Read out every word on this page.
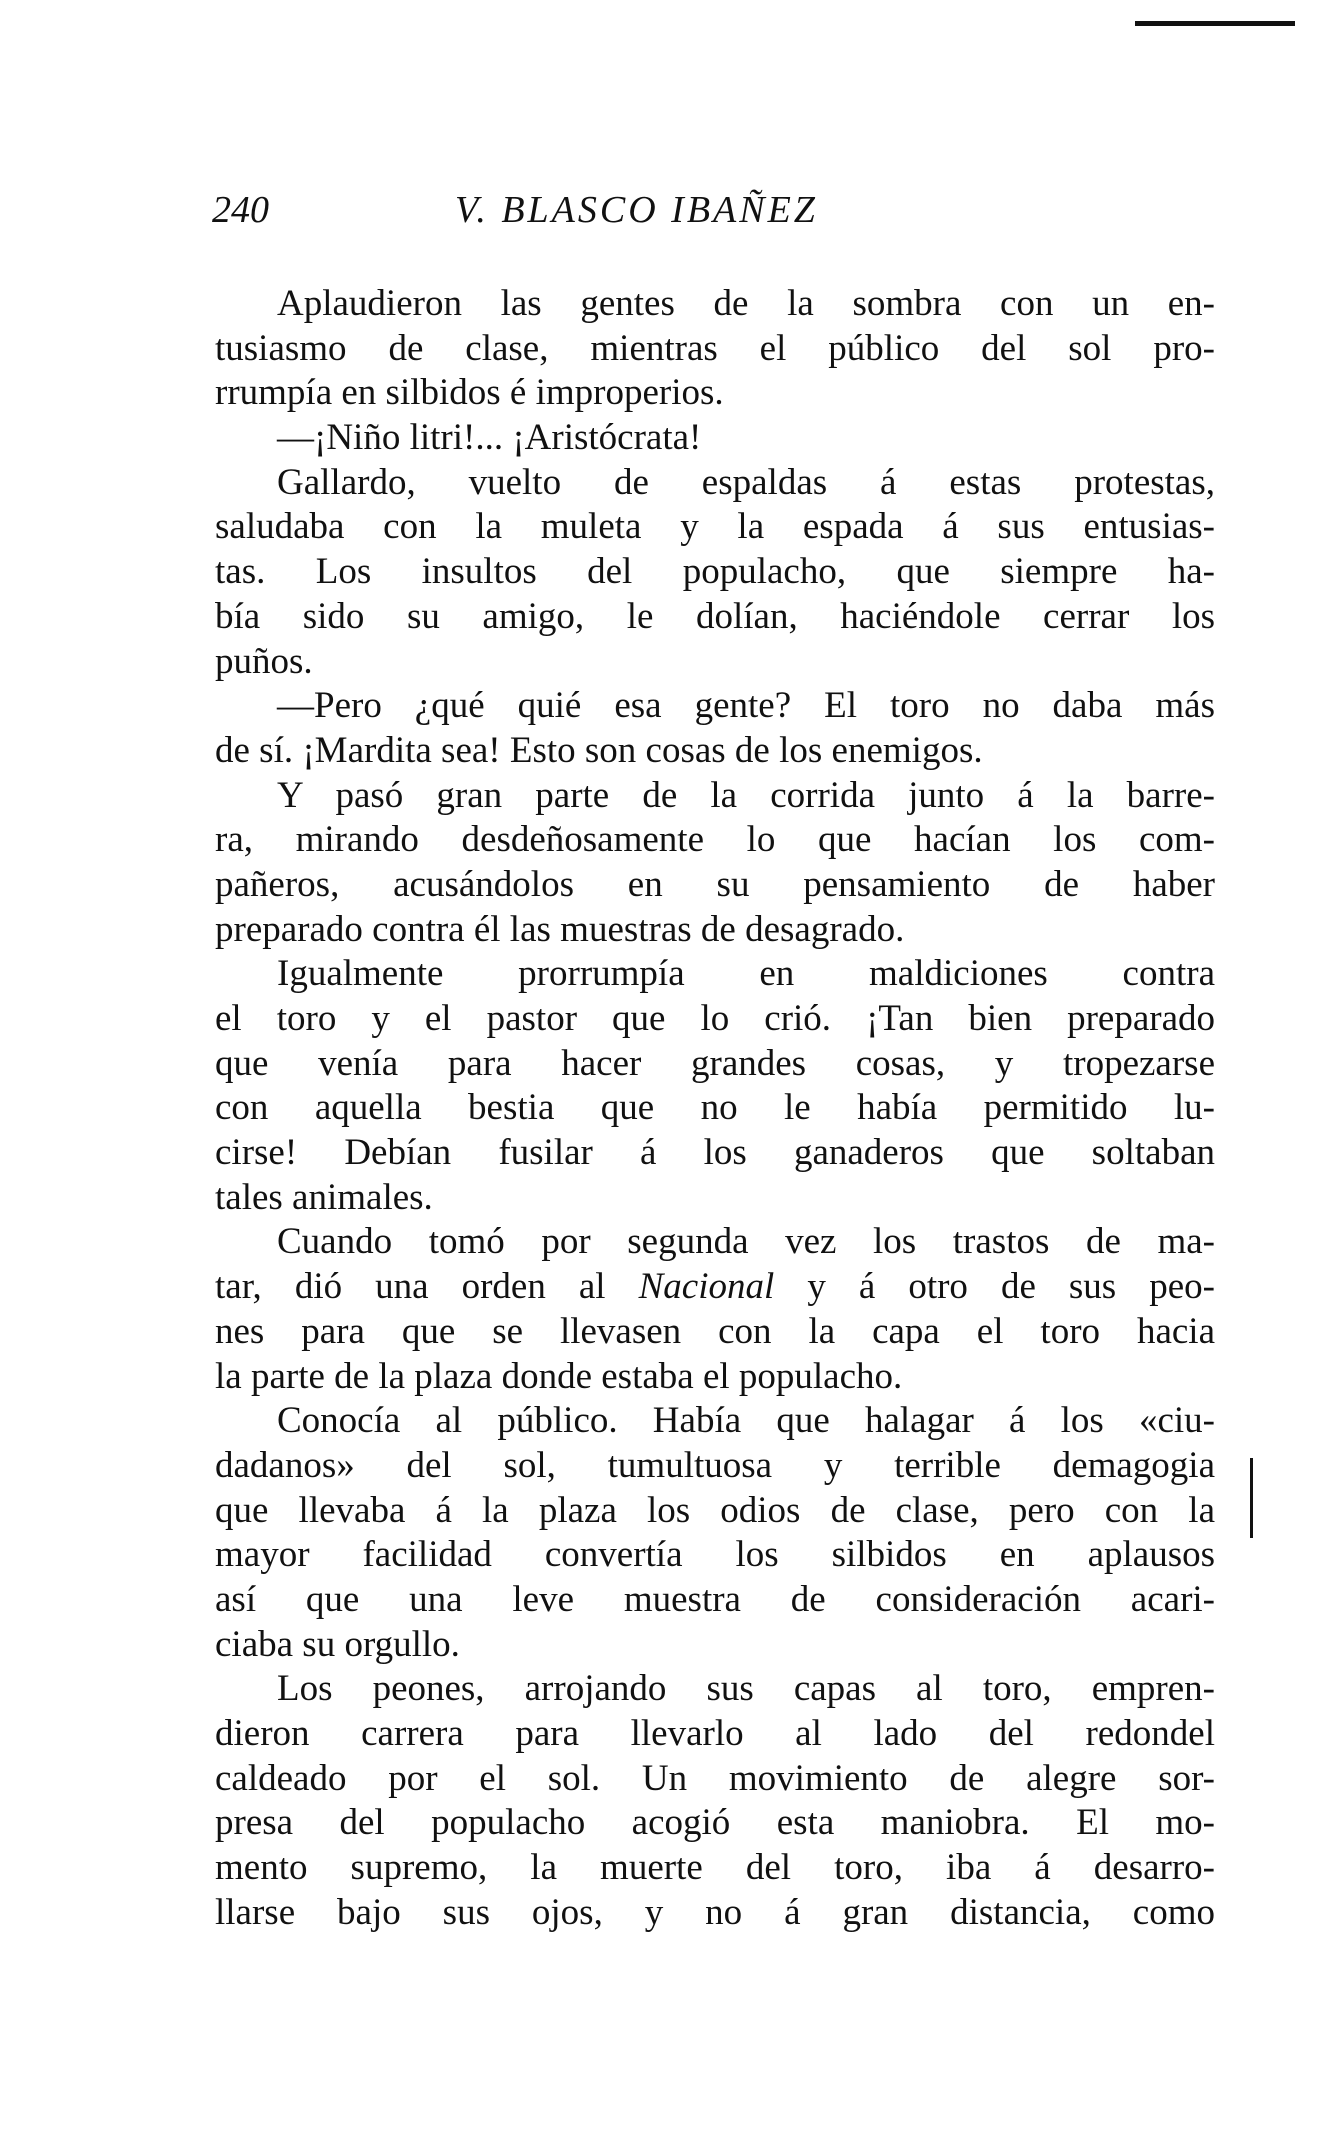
240	V. BLASCO IBAÑEZ
Aplaudieron las gentes de la sombra con un en-
tusiasmo de clase, mientras el público del sol pro-
rrumpía en silbidos é improperios.
—¡Niño litri!... ¡Aristócrata!
Gallardo, vuelto de espaldas á estas protestas,
saludaba con la muleta y la espada á sus entusias-
tas. Los insultos del populacho, que siempre ha-
bía sido su amigo, le dolían, haciéndole cerrar los
puños.
—Pero ¿qué quié esa gente? El toro no daba más
de sí. ¡Mardita sea! Esto son cosas de los enemigos.
Y pasó gran parte de la corrida junto á la barre-
ra, mirando desdeñosamente lo que hacían los com-
pañeros, acusándolos en su pensamiento de haber
preparado contra él las muestras de desagrado.
Igualmente prorrumpía en maldiciones contra
el toro y el pastor que lo crió. ¡Tan bien preparado
que venía para hacer grandes cosas, y tropezarse
con aquella bestia que no le había permitido lu-
cirse! Debían fusilar á los ganaderos que soltaban
tales animales.
Cuando tomó por segunda vez los trastos de ma-
tar, dió una orden al Nacional y á otro de sus peo-
nes para que se llevasen con la capa el toro hacia
la parte de la plaza donde estaba el populacho.
Conocía al público. Había que halagar á los «ciu-
dadanos» del sol, tumultuosa y terrible demagogia
que llevaba á la plaza los odios de clase, pero con la
mayor facilidad convertía los silbidos en aplausos
así que una leve muestra de consideración acari-
ciaba su orgullo.
Los peones, arrojando sus capas al toro, empren-
dieron carrera para llevarlo al lado del redondel
caldeado por el sol. Un movimiento de alegre sor-
presa del populacho acogió esta maniobra. El mo-
mento supremo, la muerte del toro, iba á desarro-
llarse bajo sus ojos, y no á gran distancia, como
